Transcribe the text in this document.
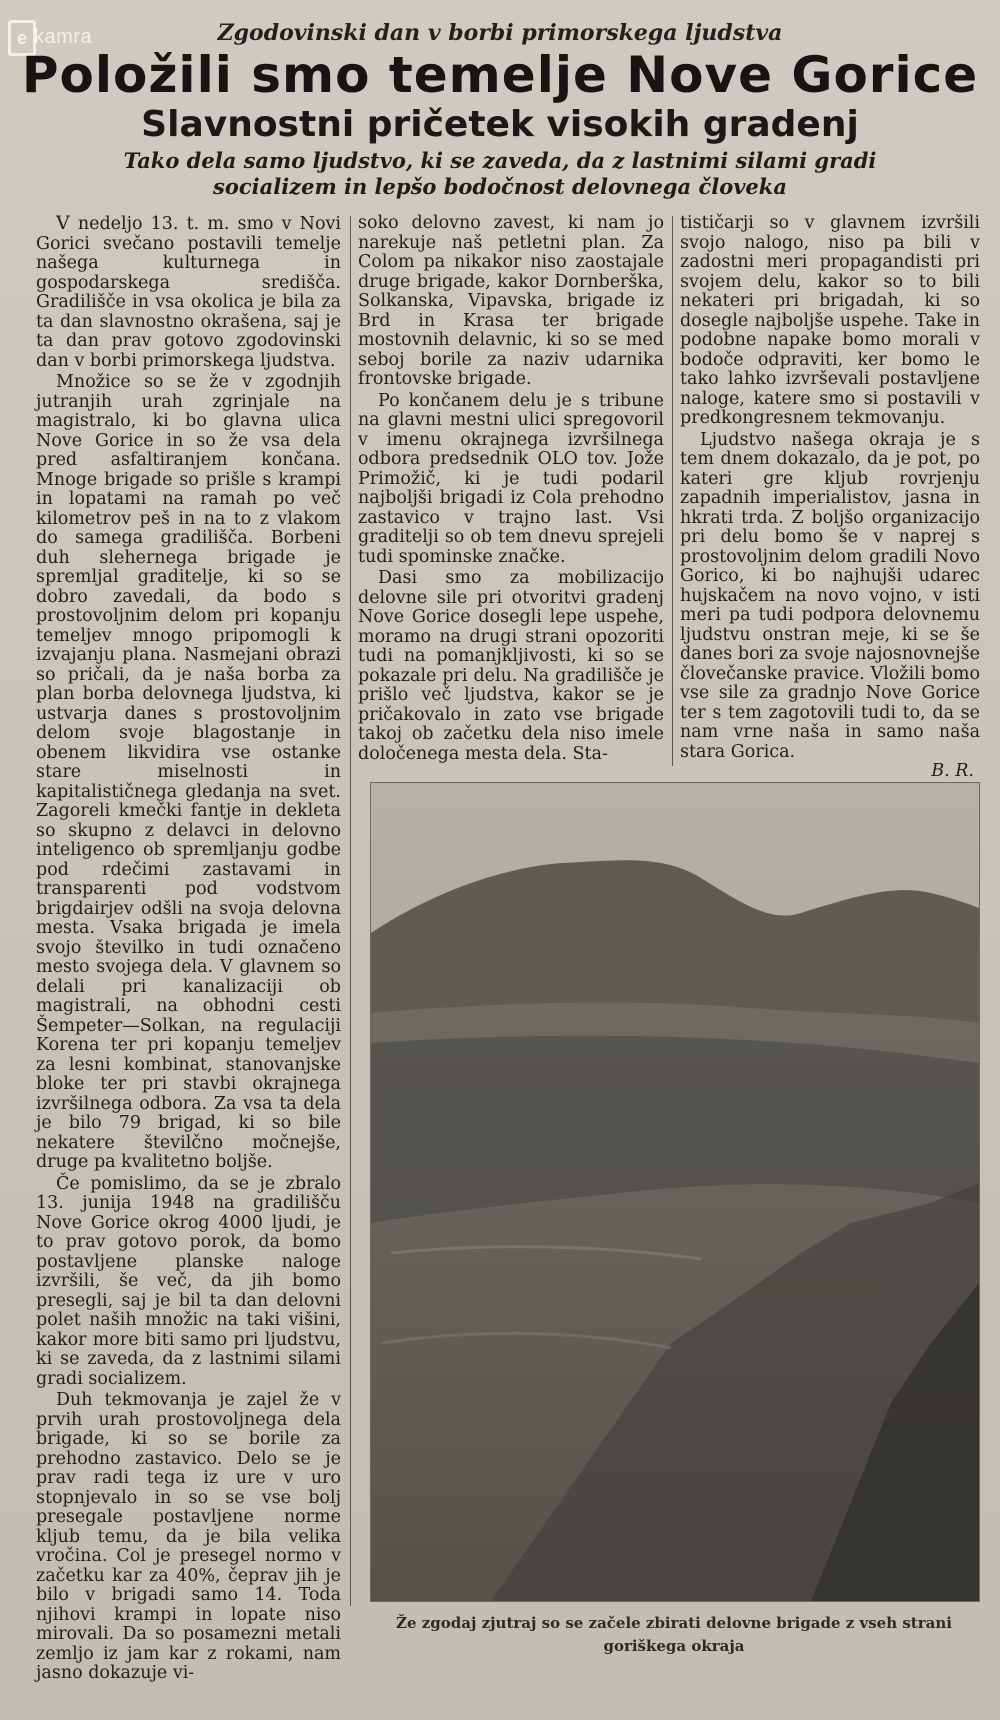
e kamra	Zgodovinski dan v borbi primorskega ljudstva
Položili smo temelje Nove Gorice
Slavnostni pričetek visokih gradenj
Tako dela samo ljudstvo, ki se zaveda, da z lastnimi silami gradi socializem in lepšo bodočnost delovnega človeka

V nedeljo 13. t. m. smo v Novi Gorici svečano postavili temelje našega kulturnega in gospodarskega središča. Gradilišče in vsa okolica je bila za ta dan slavnostno okrašena, saj je ta dan prav gotovo zgodovinski dan v borbi primorskega ljudstva.

Množice so se že v zgodnjih jutranjih urah zgrinjale na magistralo, ki bo glavna ulica Nove Gorice in so že vsa dela pred asfaltiranjem končana. Mnoge brigade so prišle s krampi in lopatami na ramah po več kilometrov peš in na to z vlakom do samega gradilišča. Borbeni duh slehernega brigade je spremljal graditelje, ki so se dobro zavedali, da bodo s prostovoljnim delom pri kopanju temeljev mnogo pripomogli k izvajanju plana. Nasmejani obrazi so pričali, da je naša borba za plan borba delovnega ljudstva, ki ustvarja danes s prostovoljnim delom svoje blagostanje in obenem likvidira vse ostanke stare miselnosti in kapitalističnega gledanja na svet. Zagoreli kmečki fantje in dekleta so skupno z delavci in delovno inteligenco ob spremljanju godbe pod rdečimi zastavami in transparenti pod vodstvom brigdairjev odšli na svoja delovna mesta. Vsaka brigada je imela svojo številko in tudi označeno mesto svojega dela. V glavnem so delali pri kanalizaciji ob magistrali, na obhodni cesti Šempeter—Solkan, na regulaciji Korena ter pri kopanju temeljev za lesni kombinat, stanovanjske bloke ter pri stavbi okrajnega izvršilnega odbora. Za vsa ta dela je bilo 79 brigad, ki so bile nekatere številčno močnejše, druge pa kvalitetno boljše.

Če pomislimo, da se je zbralo 13. junija 1948 na gradilišču Nove Gorice okrog 4000 ljudi, je to prav gotovo porok, da bomo postavljene planske naloge izvršili, še več, da jih bomo presegli, saj je bil ta dan delovni polet naših množic na taki višini, kakor more biti samo pri ljudstvu, ki se zaveda, da z lastnimi silami gradi socializem.

Duh tekmovanja je zajel že v prvih urah prostovoljnega dela brigade, ki so se borile za prehodno zastavico. Delo se je prav radi tega iz ure v uro stopnjevalo in so se vse bolj presegale postavljene norme kljub temu, da je bila velika vročina. Col je presegel normo v začetku kar za 40%, čeprav jih je bilo v brigadi samo 14. Toda njihovi krampi in lopate niso mirovali. Da so posamezni metali zemljo iz jam kar z rokami, nam jasno dokazuje vi-

soko delovno zavest, ki nam jo narekuje naš petletni plan. Za Colom pa nikakor niso zaostajale druge brigade, kakor Dornberška, Solkanska, Vipavska, brigade iz Brd in Krasa ter brigade mostovnih delavnic, ki so se med seboj borile za naziv udarnika frontovske brigade.

Po končanem delu je s tribune na glavni mestni ulici spregovoril v imenu okrajnega izvršilnega odbora predsednik OLO tov. Jože Primožič, ki je tudi podaril najboljši brigadi iz Cola prehodno zastavico v trajno last. Vsi graditelji so ob tem dnevu sprejeli tudi spominske značke.

Dasi smo za mobilizacijo delovne sile pri otvoritvi gradenj Nove Gorice dosegli lepe uspehe, moramo na drugi strani opozoriti tudi na pomanjkljivosti, ki so se pokazale pri delu. Na gradilišče je prišlo več ljudstva, kakor se je pričakovalo in zato vse brigade takoj ob začetku dela niso imele določenega mesta dela. Sta-

tističarji so v glavnem izvršili svojo nalogo, niso pa bili v zadostni meri propagandisti pri svojem delu, kakor so to bili nekateri pri brigadah, ki so dosegle najboljše uspehe. Take in podobne napake bomo morali v bodoče odpraviti, ker bomo le tako lahko izvrševali postavljene naloge, katere smo si postavili v predkongresnem tekmovanju.

Ljudstvo našega okraja je s tem dnem dokazalo, da je pot, po kateri gre kljub rovrjenju zapadnih imperialistov, jasna in hkrati trda. Z boljšo organizacijo pri delu bomo še v naprej s prostovoljnim delom gradili Novo Gorico, ki bo najhujši udarec hujskačem na novo vojno, v isti meri pa tudi podpora delovnemu ljudstvu onstran meje, ki se še danes bori za svoje najosnovnejše človečanske pravice. Vložili bomo vse sile za gradnjo Nove Gorice ter s tem zagotovili tudi to, da se nam vrne naša in samo naša stara Gorica.

B. R.
Že zgodaj zjutraj so se začele zbirati delovne brigade z vseh strani goriškega okraja
